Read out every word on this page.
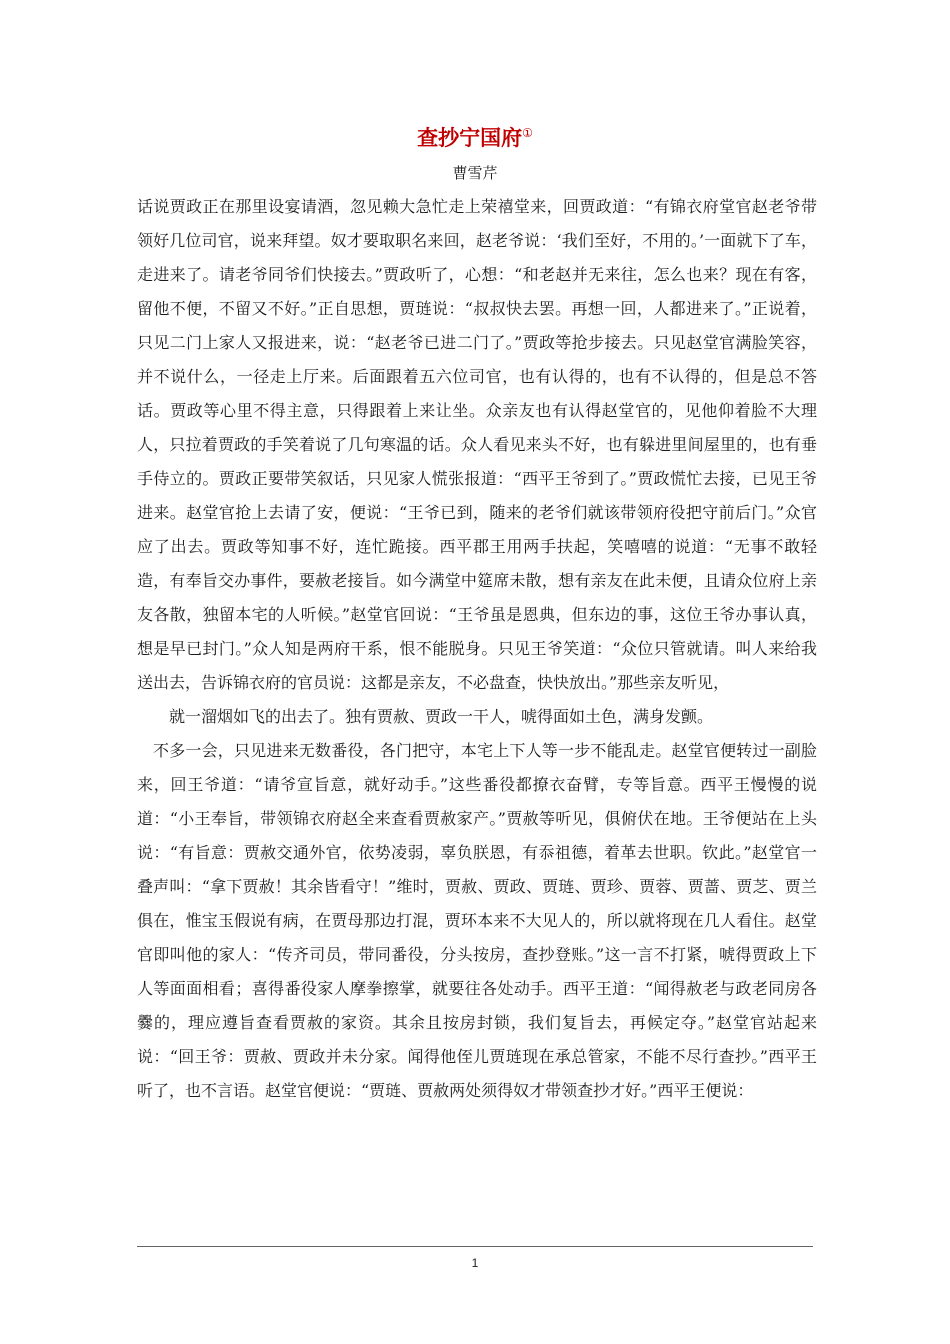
查抄宁国府①
曹雪芹

话说贾政正在那里设宴请酒，忽见赖大急忙走上荣禧堂来，回贾政道：“有锦衣府堂官赵老爷带领好几位司官，说来拜望。奴才要取职名来回，赵老爷说：‘我们至好，不用的。’一面就下了车，走进来了。请老爷同爷们快接去。”贾政听了，心想：“和老赵并无来往，怎么也来？现在有客，留他不便，不留又不好。”正自思想，贾琏说：“叔叔快去罢。再想一回，人都进来了。”正说着，只见二门上家人又报进来，说：“赵老爷已进二门了。”贾政等抢步接去。只见赵堂官满脸笑容，并不说什么，一径走上厅来。后面跟着五六位司官，也有认得的，也有不认得的，但是总不答话。贾政等心里不得主意，只得跟着上来让坐。众亲友也有认得赵堂官的，见他仰着脸不大理人，只拉着贾政的手笑着说了几句寒温的话。众人看见来头不好，也有躲进里间屋里的，也有垂手侍立的。贾政正要带笑叙话，只见家人慌张报道：“西平王爷到了。”贾政慌忙去接，已见王爷进来。赵堂官抢上去请了安，便说：“王爷已到，随来的老爷们就该带领府役把守前后门。”众官应了出去。贾政等知事不好，连忙跪接。西平郡王用两手扶起，笑嘻嘻的说道：“无事不敢轻造，有奉旨交办事件，要赦老接旨。如今满堂中筵席未散，想有亲友在此未便，且请众位府上亲友各散，独留本宅的人听候。”赵堂官回说：“王爷虽是恩典，但东边的事，这位王爷办事认真，想是早已封门。”众人知是两府干系，恨不能脱身。只见王爷笑道：“众位只管就请。叫人来给我送出去，告诉锦衣府的官员说：这都是亲友，不必盘查，快快放出。”那些亲友听见，

就一溜烟如飞的出去了。独有贾赦、贾政一干人，唬得面如土色，满身发颤。

不多一会，只见进来无数番役，各门把守，本宅上下人等一步不能乱走。赵堂官便转过一副脸来，回王爷道：“请爷宣旨意，就好动手。”这些番役都撩衣奋臂，专等旨意。西平王慢慢的说道：“小王奉旨，带领锦衣府赵全来查看贾赦家产。”贾赦等听见，俱俯伏在地。王爷便站在上头说：“有旨意：贾赦交通外官，依势凌弱，辜负朕恩，有忝祖德，着革去世职。钦此。”赵堂官一叠声叫：“拿下贾赦！其余皆看守！”维时，贾赦、贾政、贾琏、贾珍、贾蓉、贾蔷、贾芝、贾兰俱在，惟宝玉假说有病，在贾母那边打混，贾环本来不大见人的，所以就将现在几人看住。赵堂官即叫他的家人：“传齐司员，带同番役，分头按房，查抄登账。”这一言不打紧，唬得贾政上下人等面面相看；喜得番役家人摩拳擦掌，就要往各处动手。西平王道：“闻得赦老与政老同房各爨的，理应遵旨查看贾赦的家资。其余且按房封锁，我们复旨去，再候定夺。”赵堂官站起来说：“回王爷：贾赦、贾政并未分家。闻得他侄儿贾琏现在承总管家，不能不尽行查抄。”西平王听了，也不言语。赵堂官便说：“贾琏、贾赦两处须得奴才带领查抄才好。”西平王便说：

1
